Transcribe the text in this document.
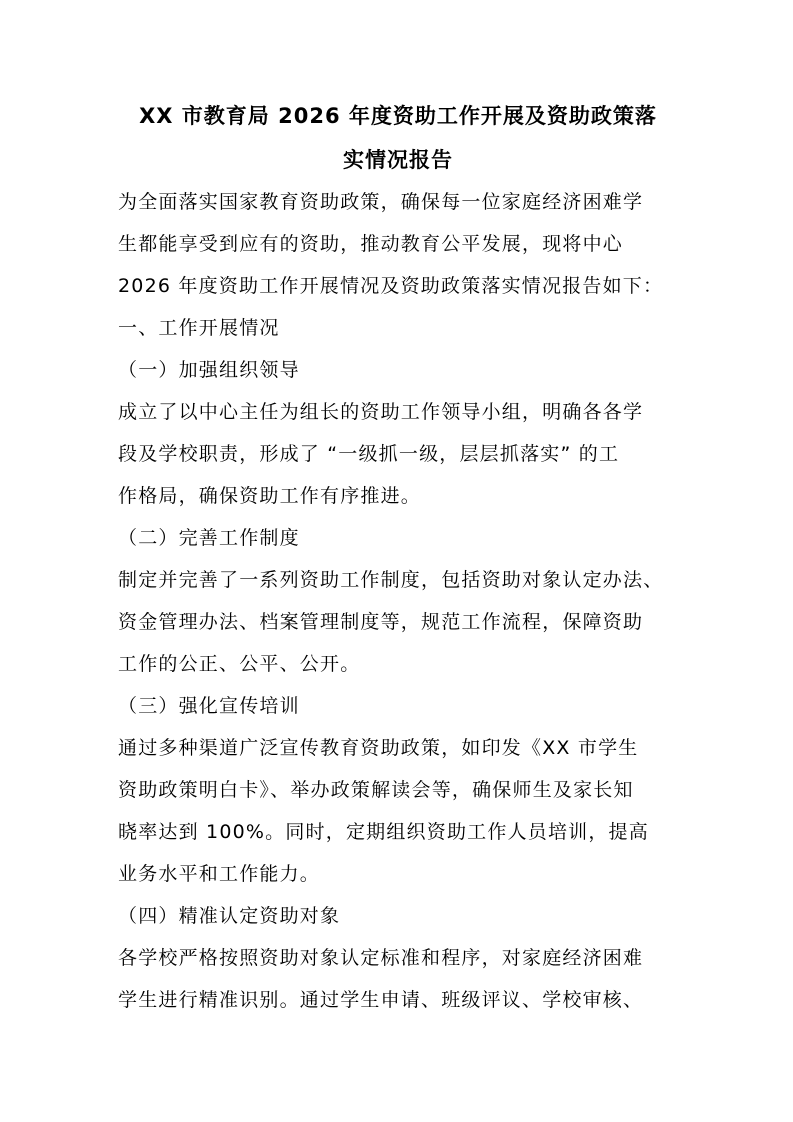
XX 市教育局 2026 年度资助工作开展及资助政策落
实情况报告
为全面落实国家教育资助政策，确保每一位家庭经济困难学
生都能享受到应有的资助，推动教育公平发展，现将中心
2026 年度资助工作开展情况及资助政策落实情况报告如下：
一、工作开展情况
（一）加强组织领导
成立了以中心主任为组长的资助工作领导小组，明确各各学
段及学校职责，形成了 “一级抓一级，层层抓落实” 的工
作格局，确保资助工作有序推进。
（二）完善工作制度
制定并完善了一系列资助工作制度，包括资助对象认定办法、
资金管理办法、档案管理制度等，规范工作流程，保障资助
工作的公正、公平、公开。
（三）强化宣传培训
通过多种渠道广泛宣传教育资助政策，如印发《XX 市学生
资助政策明白卡》、举办政策解读会等，确保师生及家长知
晓率达到 100%。同时，定期组织资助工作人员培训，提高
业务水平和工作能力。
（四）精准认定资助对象
各学校严格按照资助对象认定标准和程序，对家庭经济困难
学生进行精准识别。通过学生申请、班级评议、学校审核、
